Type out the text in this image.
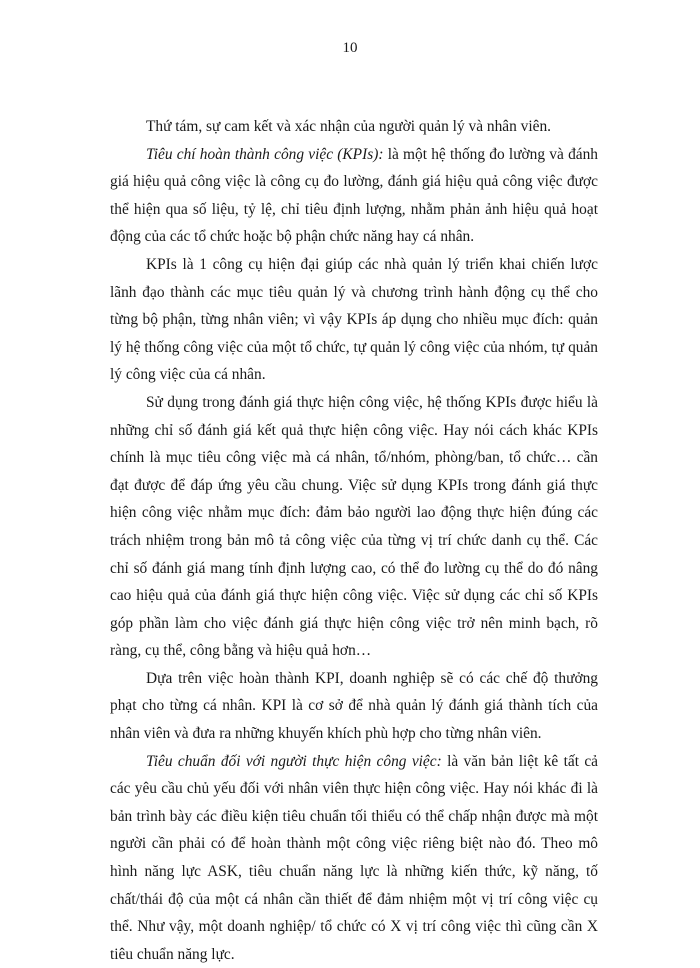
10

Thứ tám, sự cam kết và xác nhận của người quản lý và nhân viên.

Tiêu chí hoàn thành công việc (KPIs): là một hệ thống đo lường và đánh giá hiệu quả công việc là công cụ đo lường, đánh giá hiệu quả công việc được thể hiện qua số liệu, tỷ lệ, chỉ tiêu định lượng, nhằm phản ảnh hiệu quả hoạt động của các tổ chức hoặc bộ phận chức năng hay cá nhân.

KPIs là 1 công cụ hiện đại giúp các nhà quản lý triển khai chiến lược lãnh đạo thành các mục tiêu quản lý và chương trình hành động cụ thể cho từng bộ phận, từng nhân viên; vì vậy KPIs áp dụng cho nhiều mục đích: quản lý hệ thống công việc của một tổ chức, tự quản lý công việc của nhóm, tự quản lý công việc của cá nhân.

Sử dụng trong đánh giá thực hiện công việc, hệ thống KPIs được hiểu là những chỉ số đánh giá kết quả thực hiện công việc. Hay nói cách khác KPIs chính là mục tiêu công việc mà cá nhân, tổ/nhóm, phòng/ban, tổ chức… cần đạt được để đáp ứng yêu cầu chung. Việc sử dụng KPIs trong đánh giá thực hiện công việc nhằm mục đích: đảm bảo người lao động thực hiện đúng các trách nhiệm trong bản mô tả công việc của từng vị trí chức danh cụ thể. Các chỉ số đánh giá mang tính định lượng cao, có thể đo lường cụ thể do đó nâng cao hiệu quả của đánh giá thực hiện công việc. Việc sử dụng các chỉ số KPIs góp phần làm cho việc đánh giá thực hiện công việc trở nên minh bạch, rõ ràng, cụ thể, công bằng và hiệu quả hơn…

Dựa trên việc hoàn thành KPI, doanh nghiệp sẽ có các chế độ thưởng phạt cho từng cá nhân. KPI là cơ sở để nhà quản lý đánh giá thành tích của nhân viên và đưa ra những khuyến khích phù hợp cho từng nhân viên.

Tiêu chuẩn đối với người thực hiện công việc: là văn bản liệt kê tất cả các yêu cầu chủ yếu đối với nhân viên thực hiện công việc. Hay nói khác đi là bản trình bày các điều kiện tiêu chuẩn tối thiểu có thể chấp nhận được mà một người cần phải có để hoàn thành một công việc riêng biệt nào đó. Theo mô hình năng lực ASK, tiêu chuẩn năng lực là những kiến thức, kỹ năng, tố chất/thái độ của một cá nhân cần thiết để đảm nhiệm một vị trí công việc cụ thể. Như vậy, một doanh nghiệp/ tổ chức có X vị trí công việc thì cũng cần X tiêu chuẩn năng lực.
